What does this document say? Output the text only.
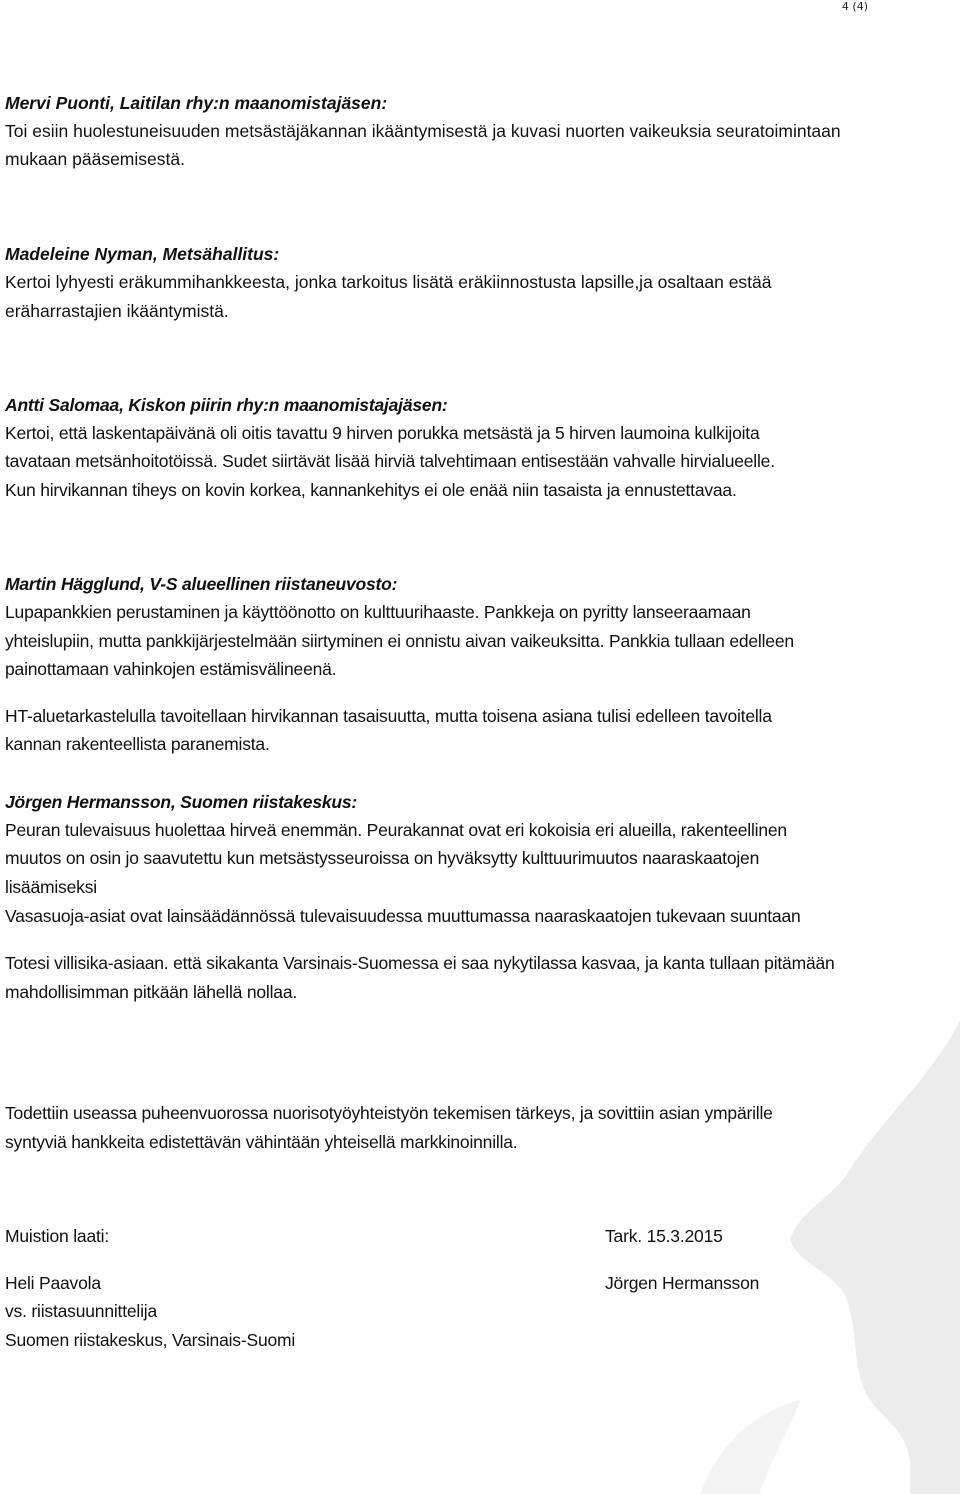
4 (4)
Mervi Puonti, Laitilan rhy:n maanomistajäsen:
Toi esiin huolestuneisuuden metsästäjäkannan ikääntymisestä ja kuvasi nuorten vaikeuksia seuratoimintaan
mukaan pääsemisestä.
Madeleine Nyman, Metsähallitus:
Kertoi lyhyesti eräkummihankkeesta, jonka tarkoitus lisätä eräkiinnostusta lapsille,ja osaltaan estää
eräharrastajien ikääntymistä.
Antti Salomaa, Kiskon piirin rhy:n maanomistajajäsen:
Kertoi, että laskentapäivänä oli oitis tavattu 9 hirven porukka metsästä ja 5 hirven laumoina kulkijoita
tavataan metsänhoitotöissä. Sudet siirtävät lisää hirviä talvehtimaan entisestään vahvalle hirvialueelle.
Kun hirvikannan tiheys on kovin korkea, kannankehitys ei ole enää niin tasaista ja ennustettavaa.
Martin Hägglund, V-S alueellinen riistaneuvosto:
Lupapankkien perustaminen ja käyttöönotto on kulttuurihaaste. Pankkeja on pyritty lanseeraamaan
yhteislupiin, mutta pankkijärjestelmään siirtyminen ei onnistu aivan vaikeuksitta. Pankkia tullaan edelleen
painottamaan vahinkojen estämisvälineenä.
HT-aluetarkastelulla tavoitellaan hirvikannan tasaisuutta, mutta toisena asiana tulisi edelleen tavoitella
kannan rakenteellista paranemista.
Jörgen Hermansson, Suomen riistakeskus:
Peuran tulevaisuus huolettaa hirveä enemmän. Peurakannat ovat eri kokoisia eri alueilla, rakenteellinen
muutos on osin jo saavutettu kun metsästysseuroissa on hyväksytty kulttuurimuutos naaraskaatojen
lisäämiseksi
Vasasuoja-asiat ovat lainsäädännössä tulevaisuudessa muuttumassa naaraskaatojen tukevaan suuntaan
Totesi villisika-asiaan. että sikakanta Varsinais-Suomessa ei saa nykytilassa kasvaa, ja kanta tullaan pitämään
mahdollisimman pitkään lähellä nollaa.
Todettiin useassa puheenvuorossa nuorisotyöyhteistyön tekemisen tärkeys, ja sovittiin asian ympärille
syntyviä hankkeita edistettävän vähintään yhteisellä markkinoinnilla.
Muistion laati:
Heli Paavola
vs. riistasuunnittelija
Suomen riistakeskus, Varsinais-Suomi
Tark. 15.3.2015
Jörgen Hermansson
